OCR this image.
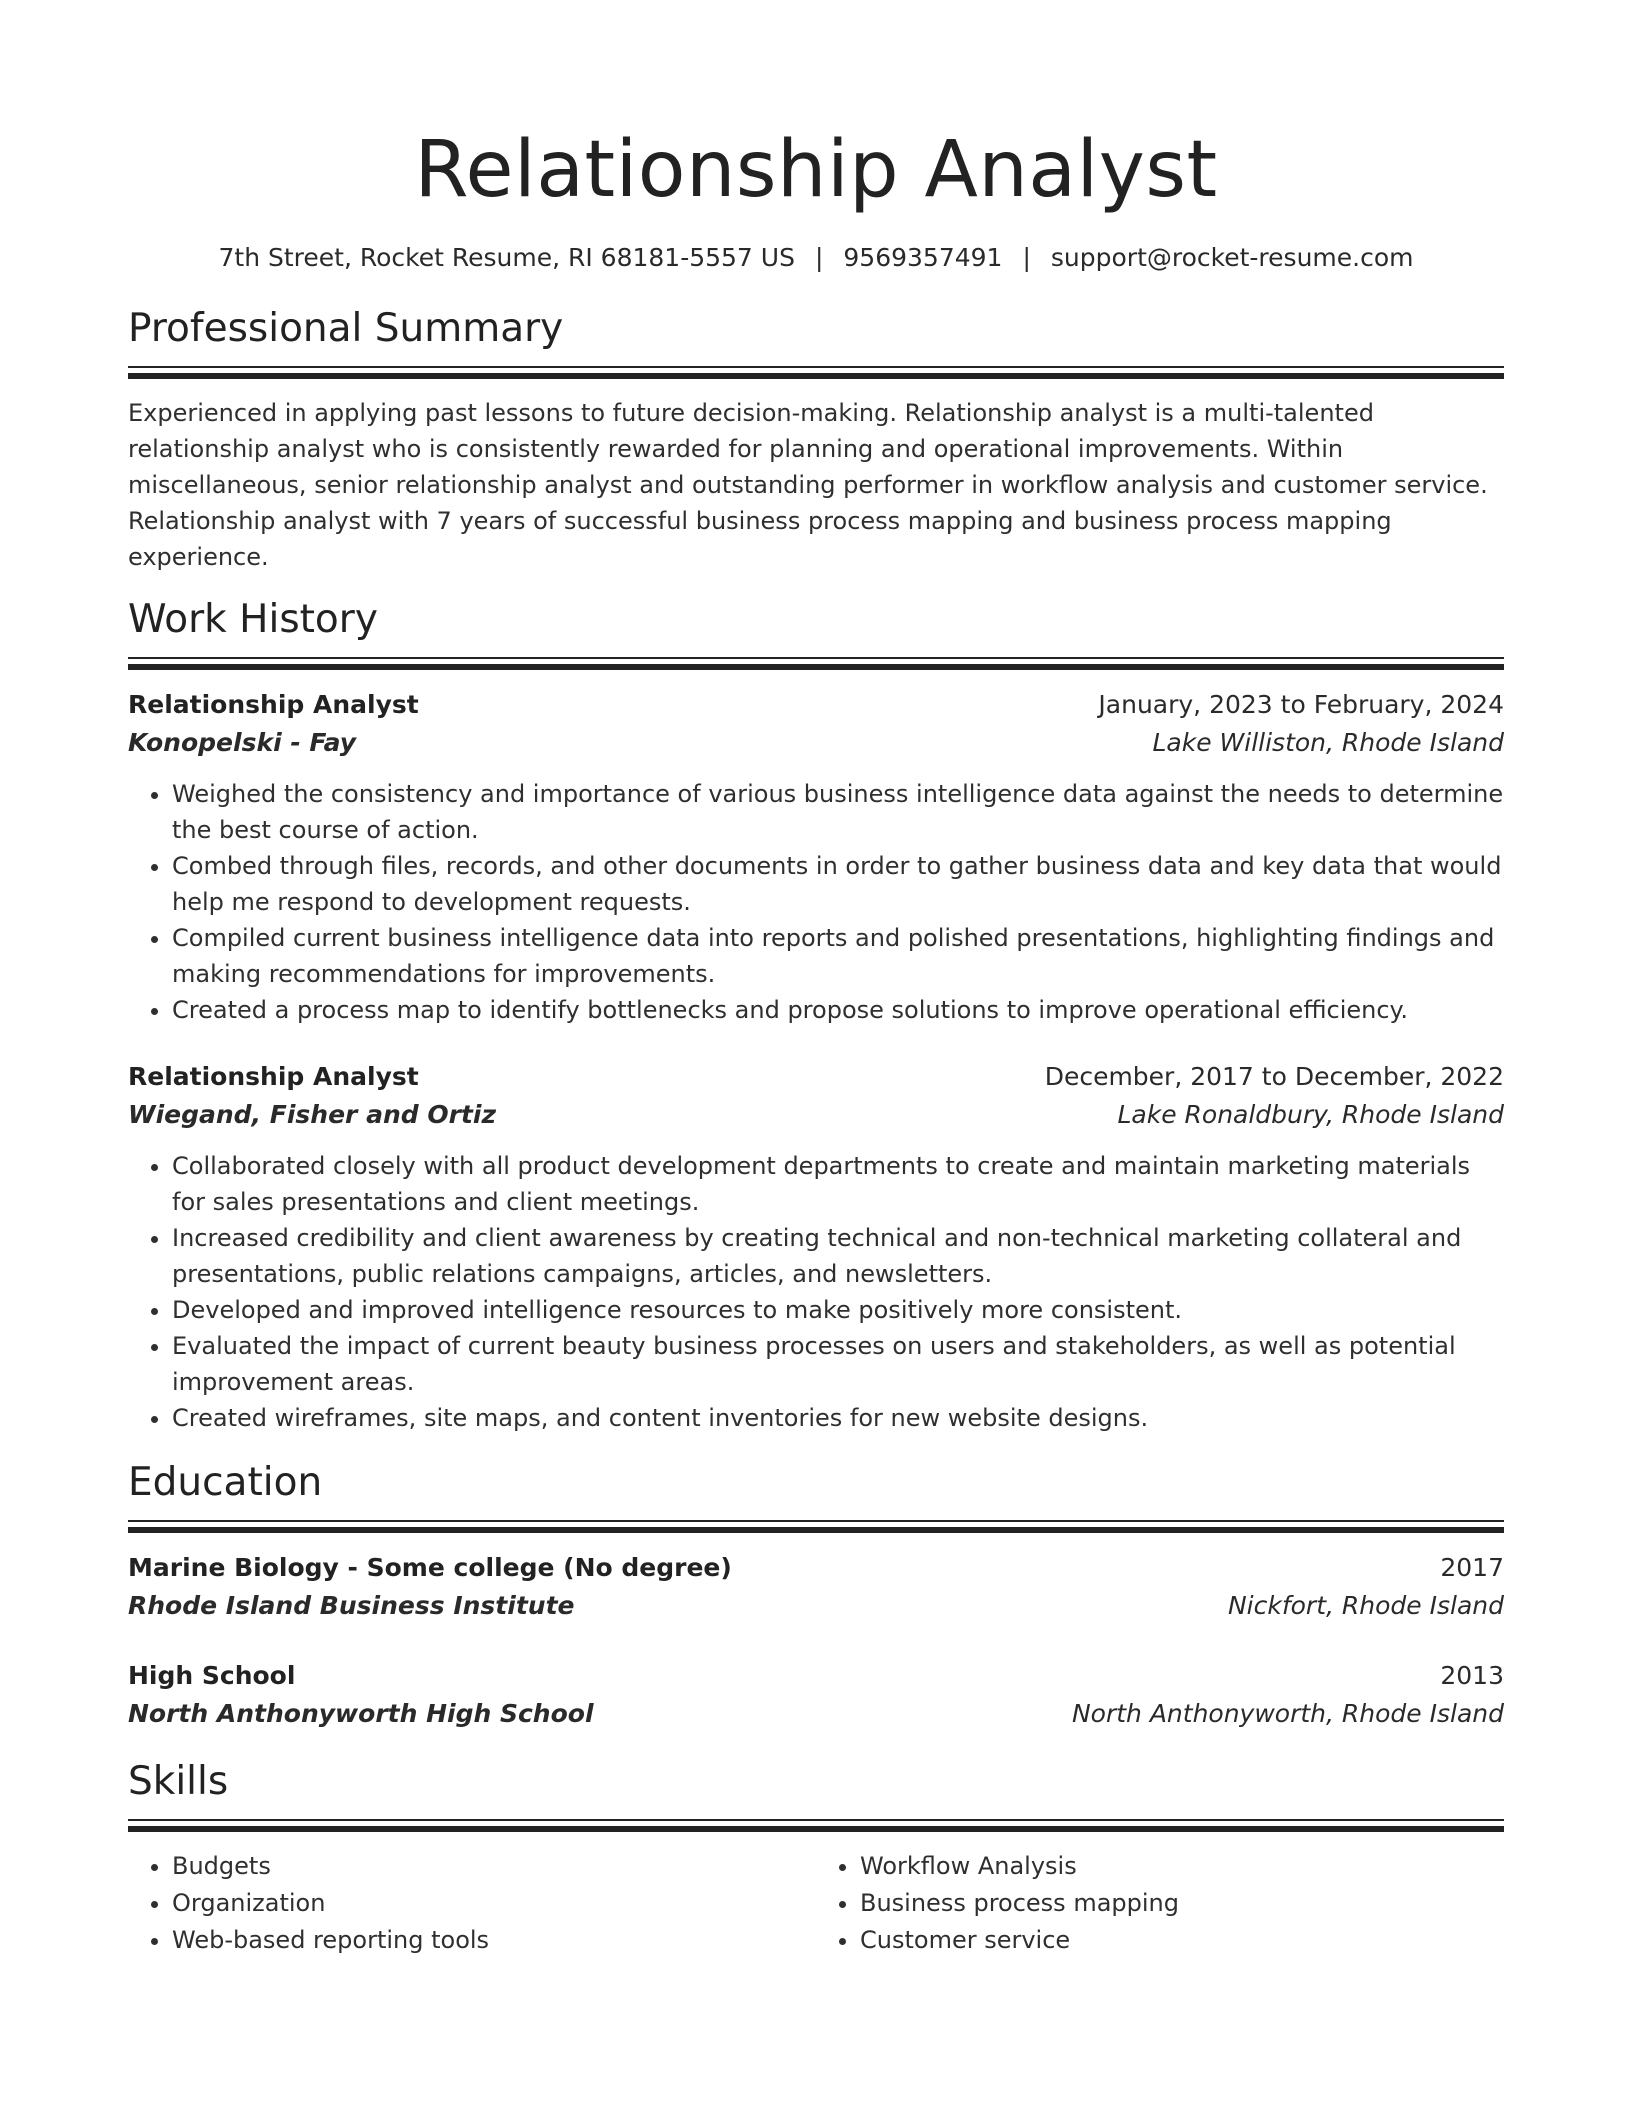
Relationship Analyst
7th Street, Rocket Resume, RI 68181-5557 US | 9569357491 | support@rocket-resume.com
Professional Summary
Experienced in applying past lessons to future decision-making. Relationship analyst is a multi-talented relationship analyst who is consistently rewarded for planning and operational improvements. Within miscellaneous, senior relationship analyst and outstanding performer in workflow analysis and customer service. Relationship analyst with 7 years of successful business process mapping and business process mapping experience.
Work History
Relationship Analyst	January, 2023 to February, 2024
Konopelski - Fay	Lake Williston, Rhode Island
• Weighed the consistency and importance of various business intelligence data against the needs to determine the best course of action.
• Combed through files, records, and other documents in order to gather business data and key data that would help me respond to development requests.
• Compiled current business intelligence data into reports and polished presentations, highlighting findings and making recommendations for improvements.
• Created a process map to identify bottlenecks and propose solutions to improve operational efficiency.
Relationship Analyst	December, 2017 to December, 2022
Wiegand, Fisher and Ortiz	Lake Ronaldbury, Rhode Island
• Collaborated closely with all product development departments to create and maintain marketing materials for sales presentations and client meetings.
• Increased credibility and client awareness by creating technical and non-technical marketing collateral and presentations, public relations campaigns, articles, and newsletters.
• Developed and improved intelligence resources to make positively more consistent.
• Evaluated the impact of current beauty business processes on users and stakeholders, as well as potential improvement areas.
• Created wireframes, site maps, and content inventories for new website designs.
Education
Marine Biology - Some college (No degree)	2017
Rhode Island Business Institute	Nickfort, Rhode Island
High School	2013
North Anthonyworth High School	North Anthonyworth, Rhode Island
Skills
• Budgets
• Organization
• Web-based reporting tools
• Workflow Analysis
• Business process mapping
• Customer service
